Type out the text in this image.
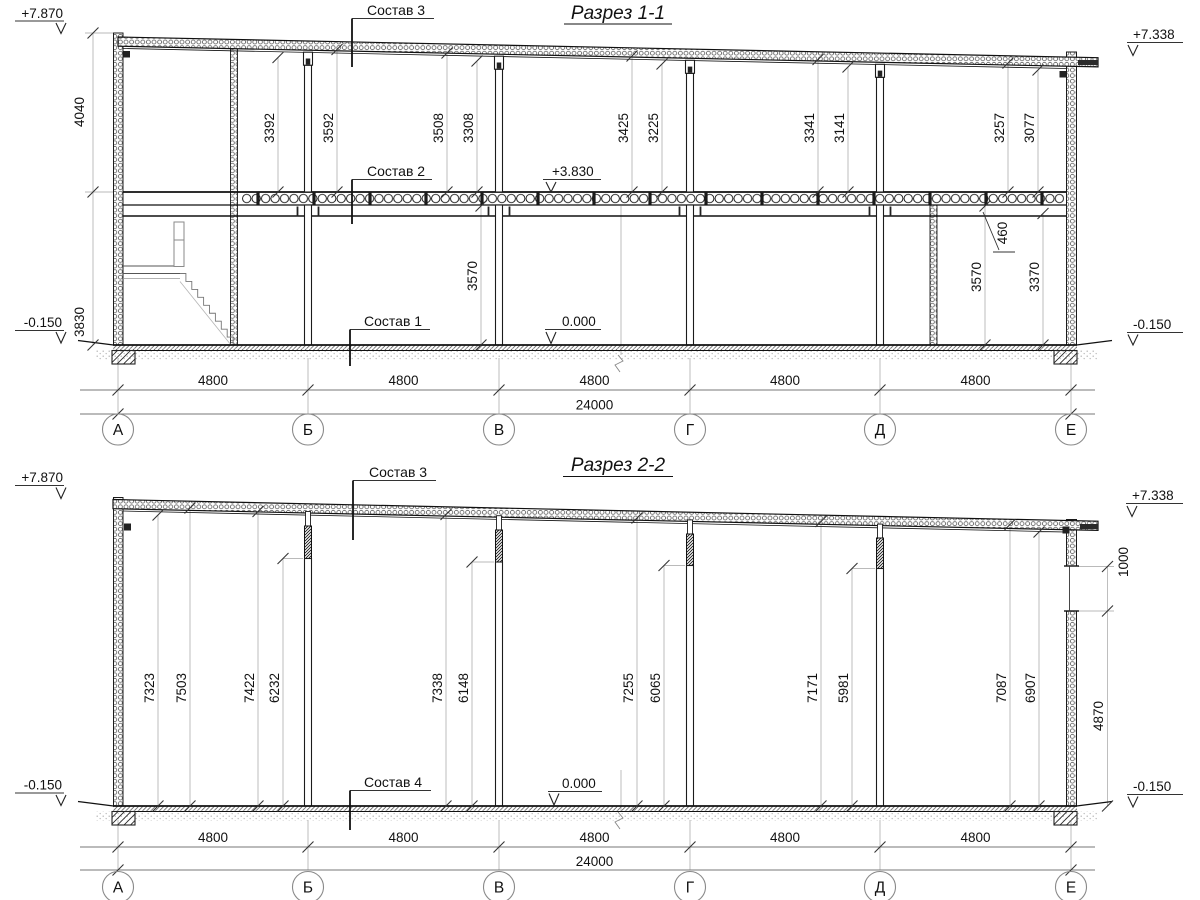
Разрез 1-1
+7.870
+7.338
-0.150	-0.150
+3.830
0.000
Состав 3
Состав 2
Состав 1
4040
3830
3392	3592	3508 3308	3425 3225	3341 3141	3257 3077
3570	3570	3370
460
4800	4800	4800	4800	4800
24000
А	Б	В	Г	Д	Е
Разрез 2-2
+7.870
+7.338
-0.150	-0.150
0.000
Состав 3
Состав 4
7323 7503	7422 6232	7338 6148	7255 6065	7171 5981	7087 6907
1000
4870
4800	4800	4800	4800	4800
24000
А	Б	В	Г	Д	Е
